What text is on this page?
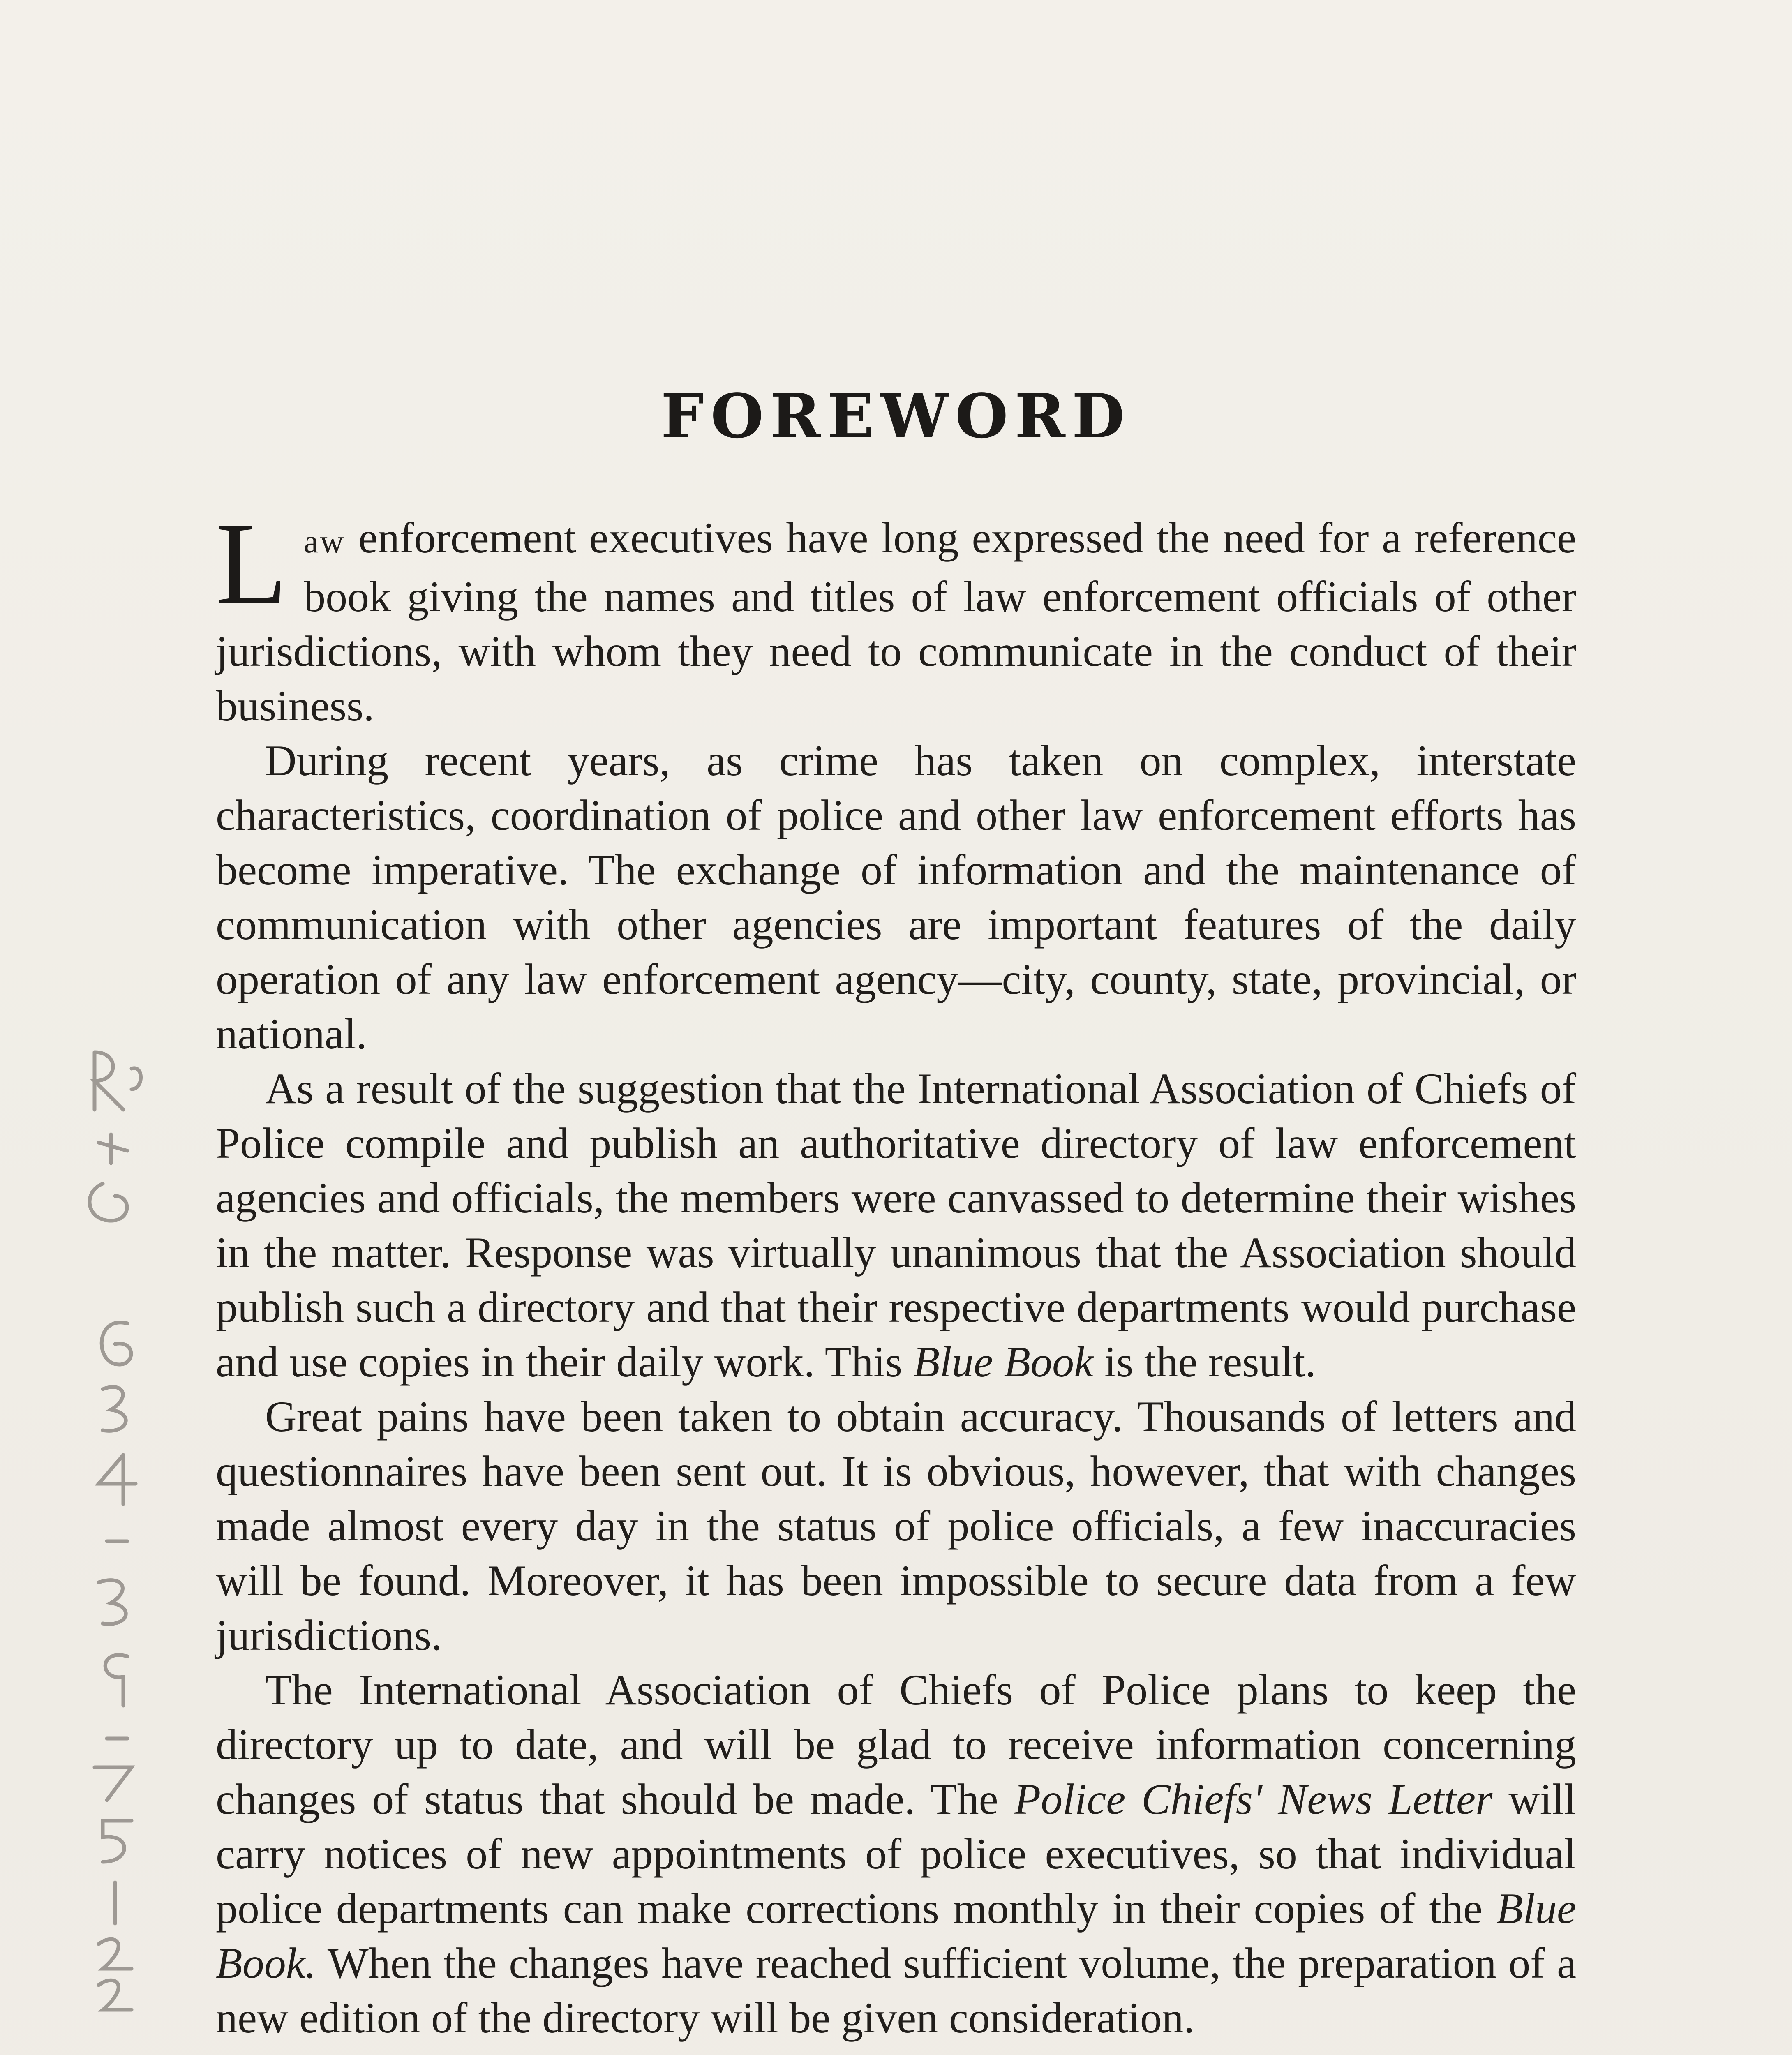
FOREWORD

Law enforcement executives have long expressed the need for a reference book giving the names and titles of law enforcement officials of other jurisdictions, with whom they need to communicate in the conduct of their business.

During recent years, as crime has taken on complex, interstate characteristics, coordination of police and other law enforcement efforts has become imperative. The exchange of information and the maintenance of communication with other agencies are important features of the daily operation of any law enforcement agency—city, county, state, provincial, or national.

As a result of the suggestion that the International Association of Chiefs of Police compile and publish an authoritative directory of law enforcement agencies and officials, the members were canvassed to determine their wishes in the matter. Response was virtually unanimous that the Association should publish such a directory and that their respective departments would purchase and use copies in their daily work. This Blue Book is the result.

Great pains have been taken to obtain accuracy. Thousands of letters and questionnaires have been sent out. It is obvious, however, that with changes made almost every day in the status of police officials, a few inaccuracies will be found. Moreover, it has been impossible to secure data from a few jurisdictions.

The International Association of Chiefs of Police plans to keep the directory up to date, and will be glad to receive information concerning changes of status that should be made. The Police Chiefs' News Letter will carry notices of new appointments of police executives, so that individual police departments can make corrections monthly in their copies of the Blue Book. When the changes have reached sufficient volume, the preparation of a new edition of the directory will be given consideration.
